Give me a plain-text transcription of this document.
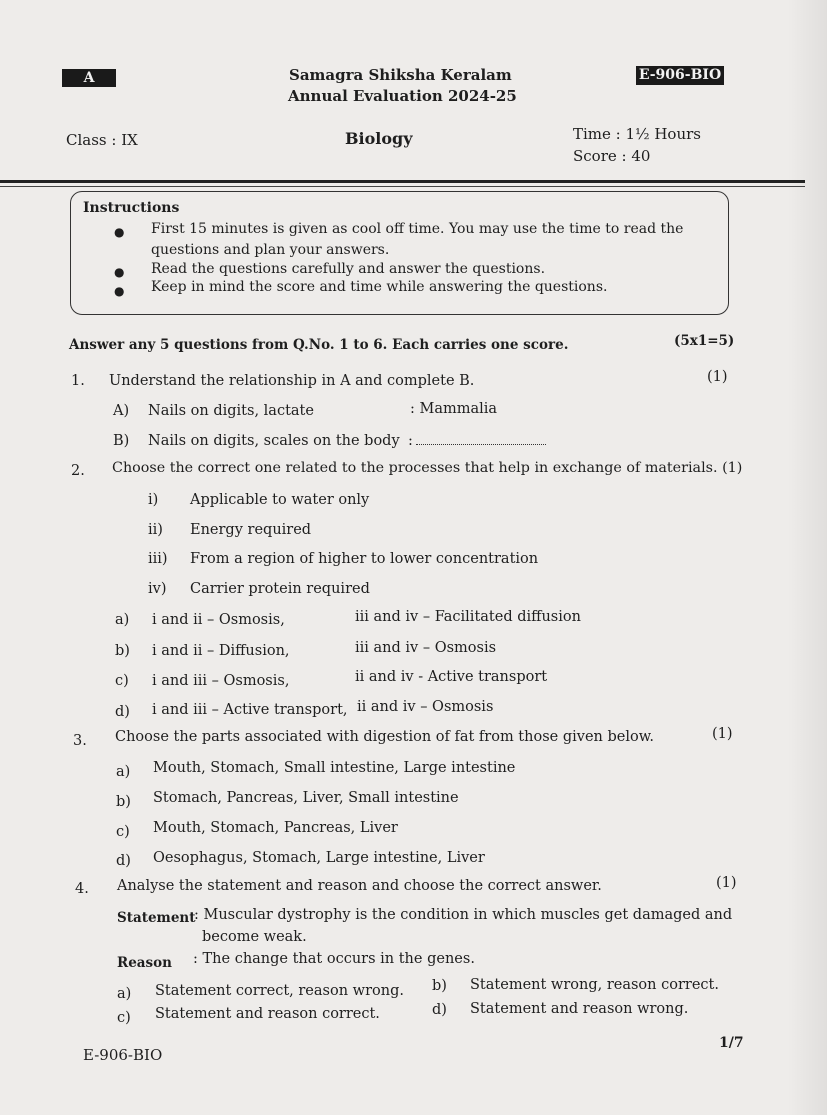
A	Samagra Shiksha Keralam
Annual Evaluation 2024-25
E-906-BIO
Class : IX	Biology	Time : 1½ Hours
Score : 40
Instructions
● First 15 minutes is given as cool off time. You may use the time to read the
questions and plan your answers.
● Read the questions carefully and answer the questions.
● Keep in mind the score and time while answering the questions.
Answer any 5 questions from Q.No. 1 to 6. Each carries one score.	(5x1=5)
1. Understand the relationship in A and complete B.	(1)
A) Nails on digits, lactate	: Mammalia
B) Nails on digits, scales on the body :
2. Choose the correct one related to the processes that help in exchange of materials. (1)
i) Applicable to water only
ii) Energy required
iii) From a region of higher to lower concentration
iv) Carrier protein required
a) i and ii – Osmosis,	iii and iv – Facilitated diffusion
b) i and ii – Diffusion,	iii and iv – Osmosis
c) i and iii – Osmosis,	ii and iv - Active transport
d) i and iii – Active transport, ii and iv – Osmosis
3. Choose the parts associated with digestion of fat from those given below.	(1)
a) Mouth, Stomach, Small intestine, Large intestine
b) Stomach, Pancreas, Liver, Small intestine
c) Mouth, Stomach, Pancreas, Liver
d) Oesophagus, Stomach, Large intestine, Liver
4. Analyse the statement and reason and choose the correct answer.	(1)
Statement
: Muscular dystrophy is the condition in which muscles get damaged and
become weak.
Reason : The change that occurs in the genes.
a) Statement correct, reason wrong. b) Statement wrong, reason correct.
c) Statement and reason correct.	d) Statement and reason wrong.
E-906-BIO
1/7
